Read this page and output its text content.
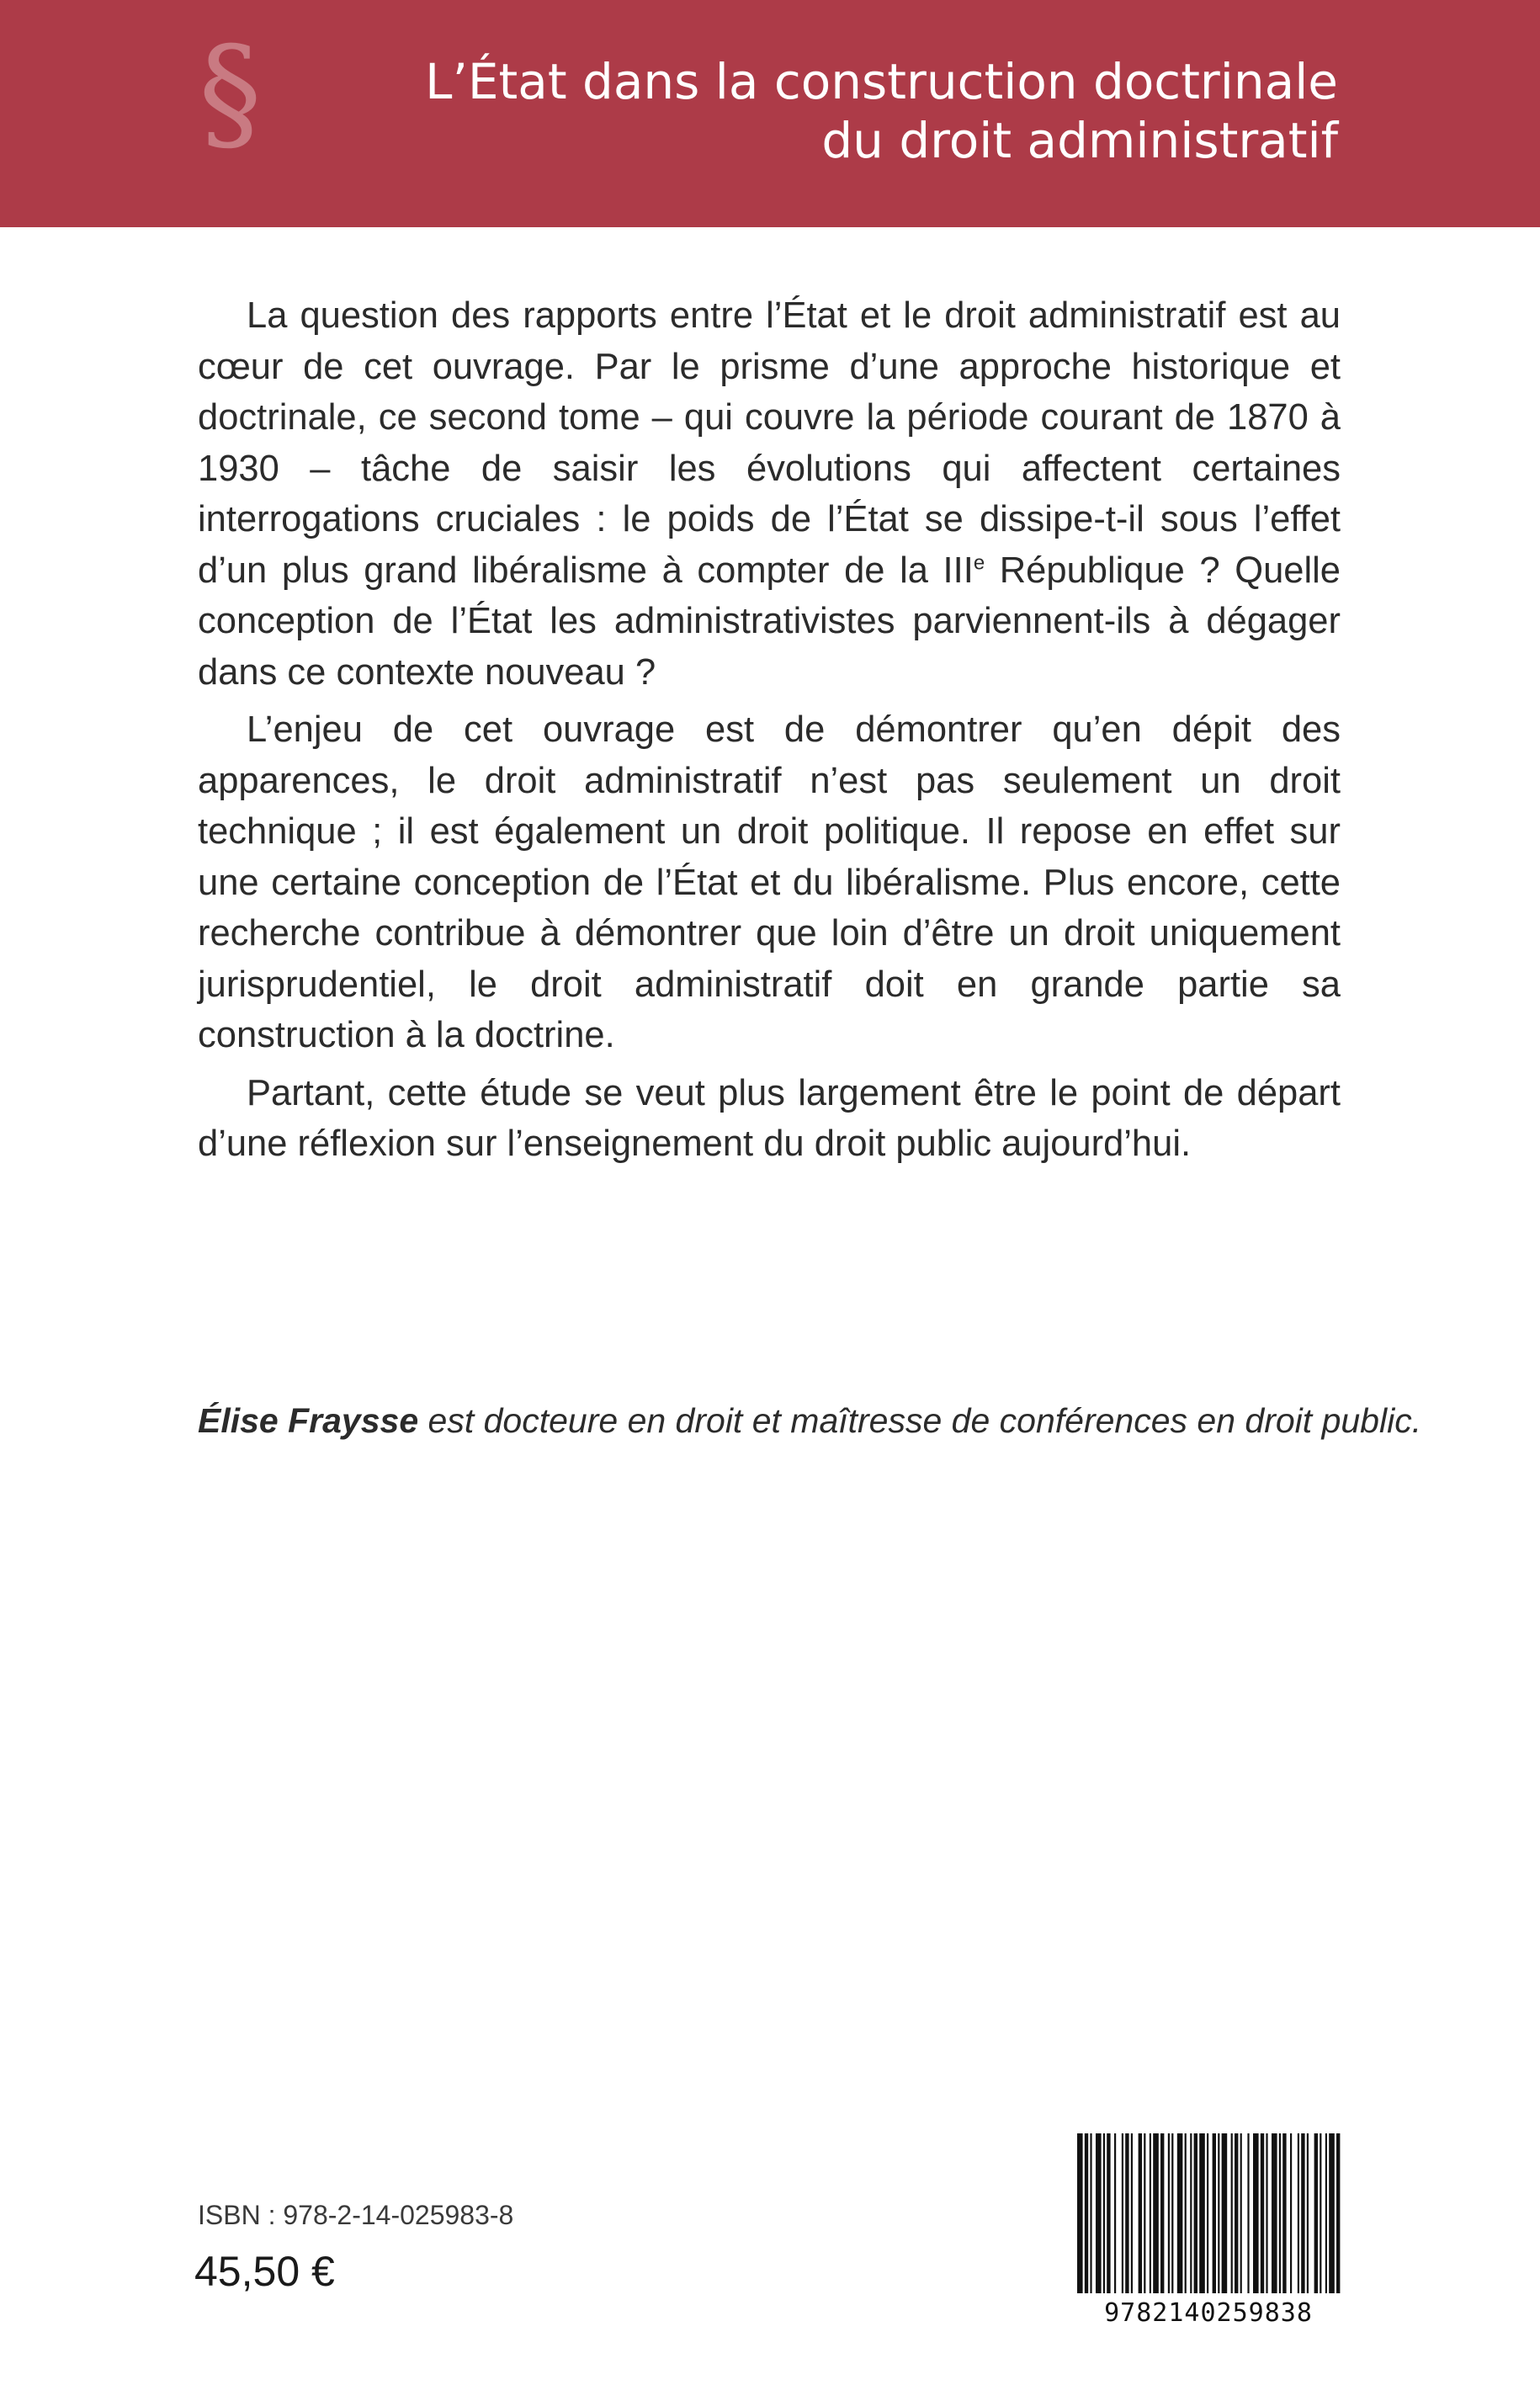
§	L’État dans la construction doctrinale
du droit administratif

La question des rapports entre l’État et le droit administratif est au cœur de cet ouvrage. Par le prisme d’une approche historique et doctrinale, ce second tome – qui couvre la période courant de 1870 à 1930 – tâche de saisir les évolutions qui affectent certaines interrogations cruciales : le poids de l’État se dissipe-t-il sous l’effet d’un plus grand libéralisme à compter de la IIIe République ? Quelle conception de l’État les administrativistes parviennent-ils à dégager dans ce contexte nouveau ?

L’enjeu de cet ouvrage est de démontrer qu’en dépit des apparences, le droit administratif n’est pas seulement un droit technique ; il est également un droit politique. Il repose en effet sur une certaine conception de l’État et du libéralisme. Plus encore, cette recherche contribue à démontrer que loin d’être un droit uniquement jurisprudentiel, le droit administratif doit en grande partie sa construction à la doctrine.

Partant, cette étude se veut plus largement être le point de départ d’une réflexion sur l’enseignement du droit public aujourd’hui.

Élise Fraysse est docteure en droit et maîtresse de conférences en droit public.
ISBN : 978-2-14-025983-8
45,50 €
9782140259838
